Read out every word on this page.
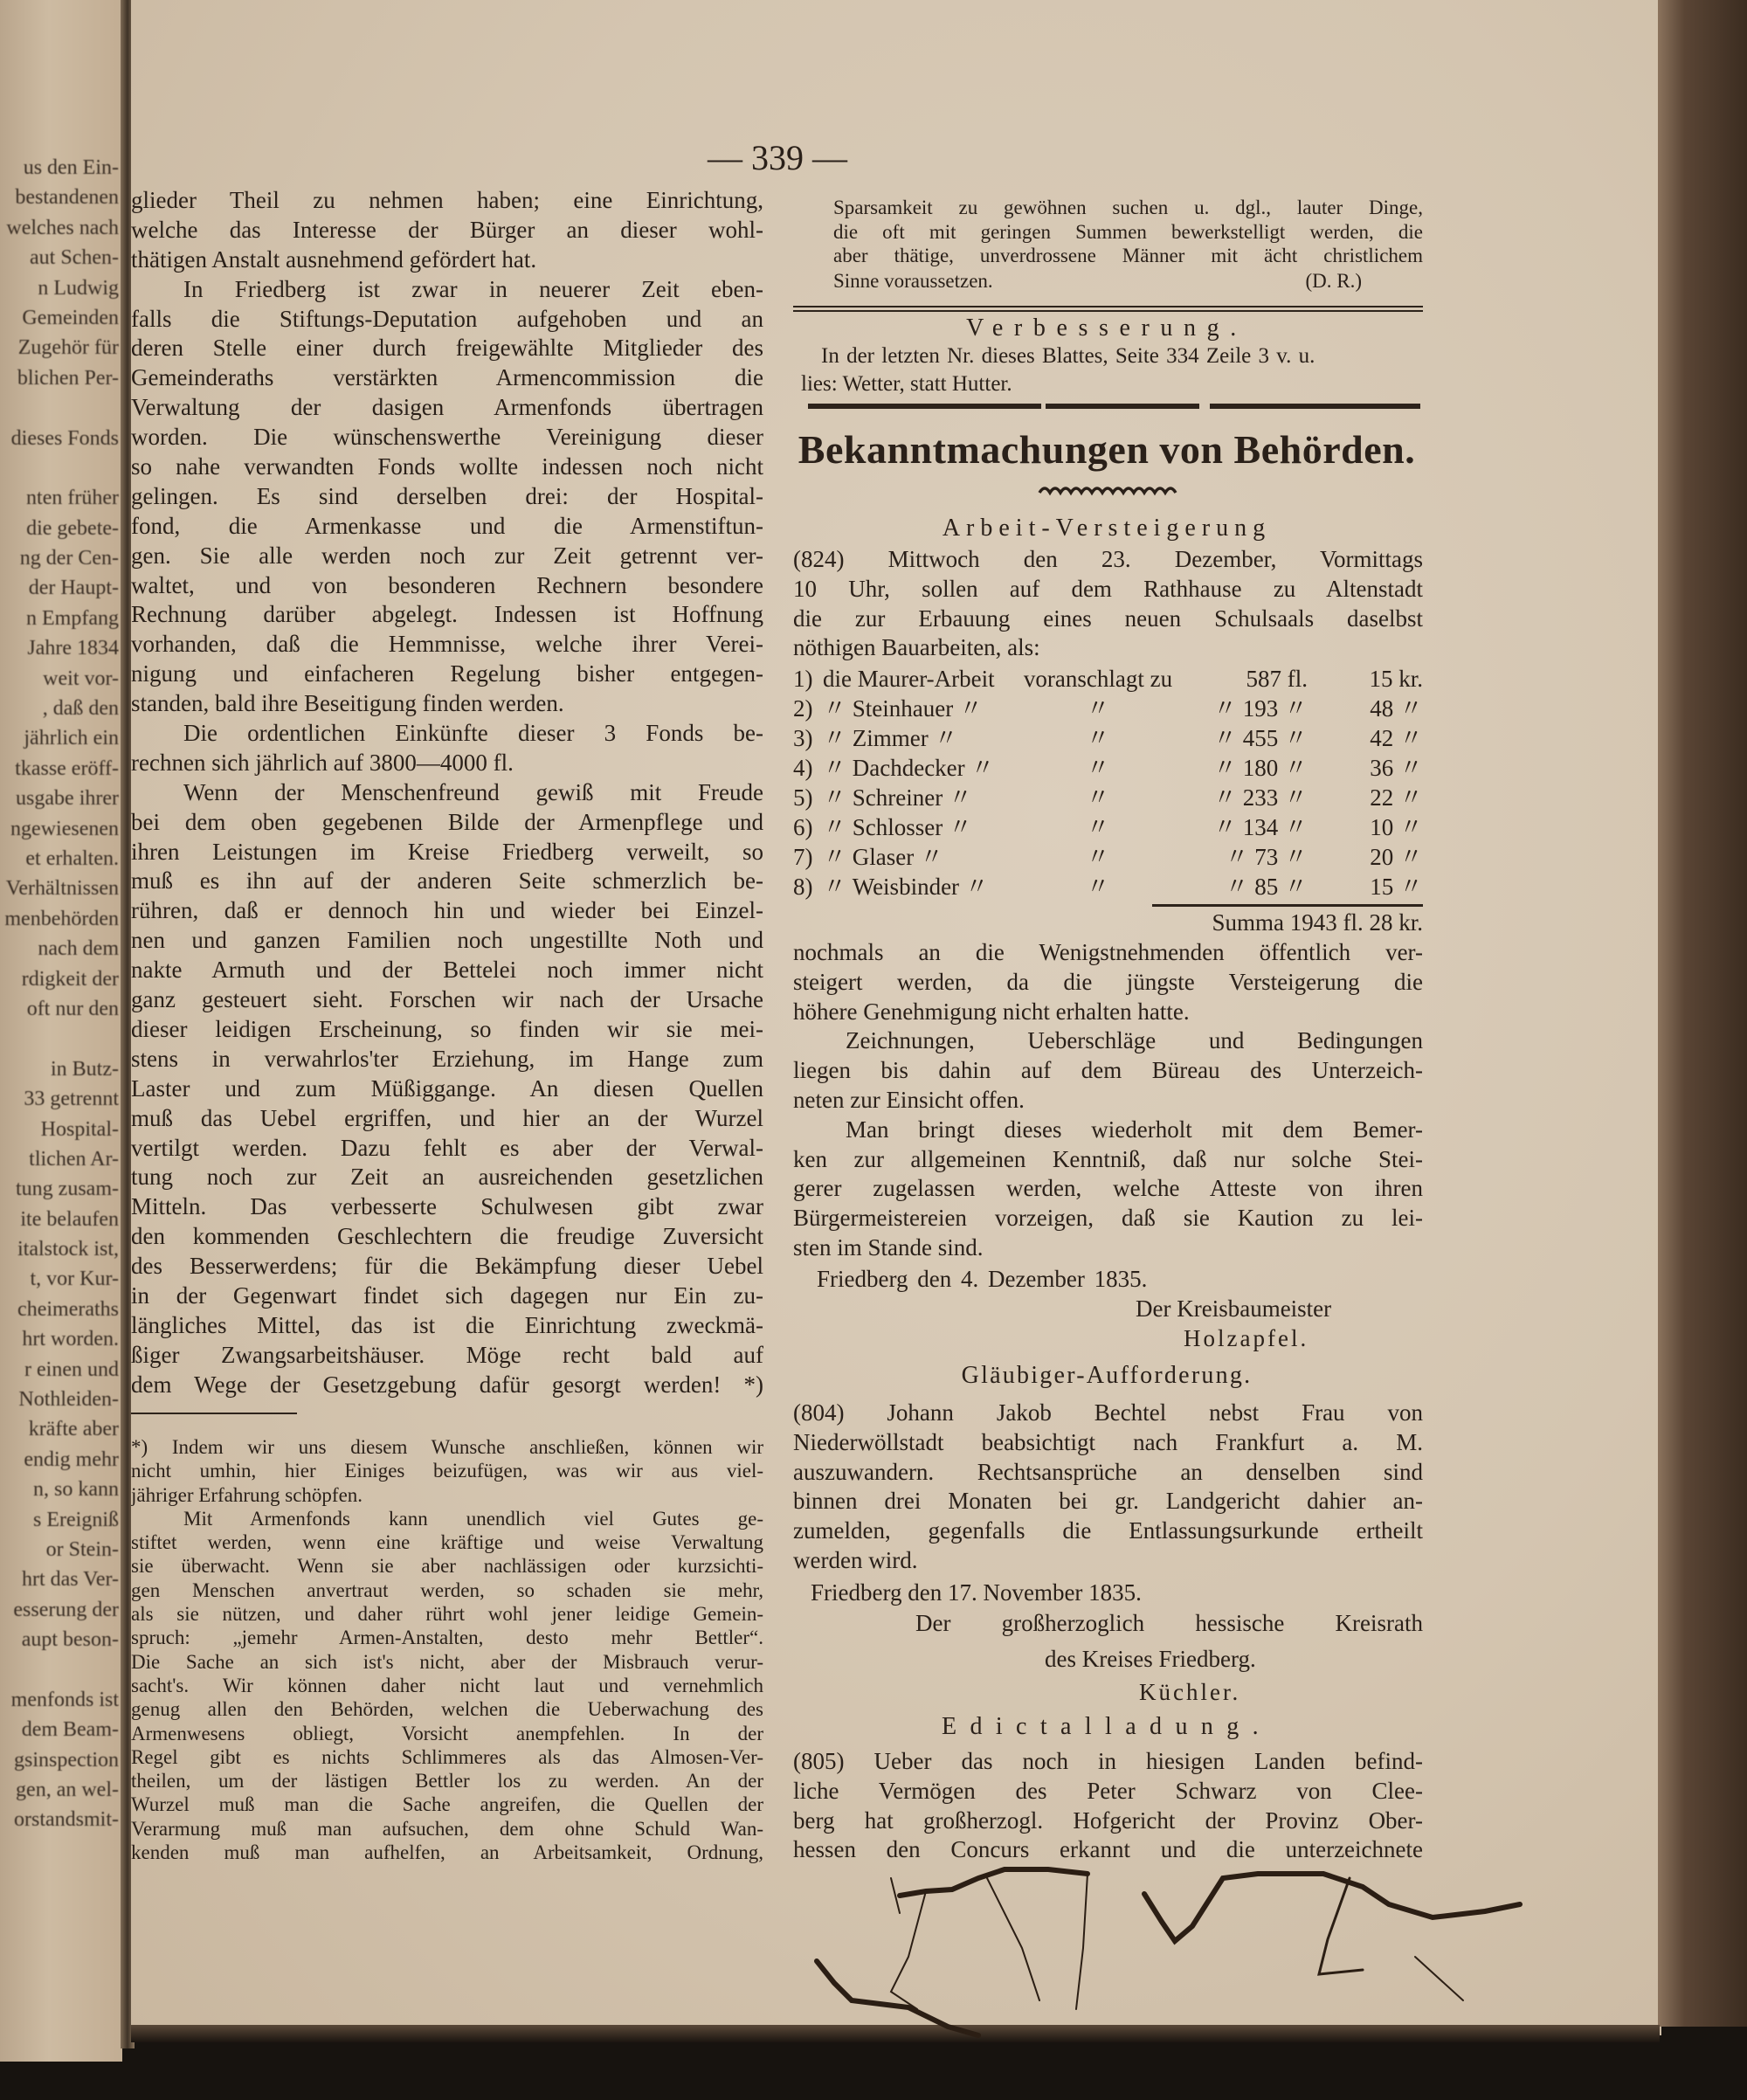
us den Ein-
bestandenen
welches nach
aut Schen-
n Ludwig
Gemeinden
Zugehör für
blichen Per-
dieses Fonds
nten früher
die gebete-
ng der Cen-
der Haupt-
n Empfang
Jahre 1834
weit vor-
, daß den
jährlich ein
tkasse eröff-
usgabe ihrer
ngewiesenen
et erhalten.
Verhältnissen
menbehörden
nach dem
rdigkeit der
oft nur den
in Butz-
33 getrennt
Hospital-
tlichen Ar-
tung zusam-
ite belaufen
italstock ist,
t, vor Kur-
cheimeraths
hrt worden.
r einen und
Nothleiden-
kräfte aber
endig mehr
n, so kann
s Ereigniß
or Stein-
hrt das Ver-
esserung der
aupt beson-
menfonds ist
dem Beam-
gsinspection
gen, an wel-
orstandsmit-
— 339 —
glieder Theil zu nehmen haben; eine Einrichtung,
welche das Interesse der Bürger an dieser wohl-
thätigen Anstalt ausnehmend gefördert hat.
In Friedberg ist zwar in neuerer Zeit eben-
falls die Stiftungs-Deputation aufgehoben und an
deren Stelle einer durch freigewählte Mitglieder des
Gemeinderaths verstärkten Armencommission die
Verwaltung der dasigen Armenfonds übertragen
worden. Die wünschenswerthe Vereinigung dieser
so nahe verwandten Fonds wollte indessen noch nicht
gelingen. Es sind derselben drei: der Hospital-
fond, die Armenkasse und die Armenstiftun-
gen. Sie alle werden noch zur Zeit getrennt ver-
waltet, und von besonderen Rechnern besondere
Rechnung darüber abgelegt. Indessen ist Hoffnung
vorhanden, daß die Hemmnisse, welche ihrer Verei-
nigung und einfacheren Regelung bisher entgegen-
standen, bald ihre Beseitigung finden werden.
Die ordentlichen Einkünfte dieser 3 Fonds be-
rechnen sich jährlich auf 3800—4000 fl.
Wenn der Menschenfreund gewiß mit Freude
bei dem oben gegebenen Bilde der Armenpflege und
ihren Leistungen im Kreise Friedberg verweilt, so
muß es ihn auf der anderen Seite schmerzlich be-
rühren, daß er dennoch hin und wieder bei Einzel-
nen und ganzen Familien noch ungestillte Noth und
nakte Armuth und der Bettelei noch immer nicht
ganz gesteuert sieht. Forschen wir nach der Ursache
dieser leidigen Erscheinung, so finden wir sie mei-
stens in verwahrlos'ter Erziehung, im Hange zum
Laster und zum Müßiggange. An diesen Quellen
muß das Uebel ergriffen, und hier an der Wurzel
vertilgt werden. Dazu fehlt es aber der Verwal-
tung noch zur Zeit an ausreichenden gesetzlichen
Mitteln. Das verbesserte Schulwesen gibt zwar
den kommenden Geschlechtern die freudige Zuversicht
des Besserwerdens; für die Bekämpfung dieser Uebel
in der Gegenwart findet sich dagegen nur Ein zu-
längliches Mittel, das ist die Einrichtung zweckmä-
ßiger Zwangsarbeitshäuser. Möge recht bald auf
dem Wege der Gesetzgebung dafür gesorgt werden! *)
*) Indem wir uns diesem Wunsche anschließen, können wir
nicht umhin, hier Einiges beizufügen, was wir aus viel-
jähriger Erfahrung schöpfen.
Mit Armenfonds kann unendlich viel Gutes ge-
stiftet werden, wenn eine kräftige und weise Verwaltung
sie überwacht. Wenn sie aber nachlässigen oder kurzsichti-
gen Menschen anvertraut werden, so schaden sie mehr,
als sie nützen, und daher rührt wohl jener leidige Gemein-
spruch: „jemehr Armen-Anstalten, desto mehr Bettler“.
Die Sache an sich ist's nicht, aber der Misbrauch verur-
sacht's. Wir können daher nicht laut und vernehmlich
genug allen den Behörden, welchen die Ueberwachung des
Armenwesens obliegt, Vorsicht anempfehlen. In der
Regel gibt es nichts Schlimmeres als das Almosen-Ver-
theilen, um der lästigen Bettler los zu werden. An der
Wurzel muß man die Sache angreifen, die Quellen der
Verarmung muß man aufsuchen, dem ohne Schuld Wan-
kenden muß man aufhelfen, an Arbeitsamkeit, Ordnung,
Sparsamkeit zu gewöhnen suchen u. dgl., lauter Dinge,
die oft mit geringen Summen bewerkstelligt werden, die
aber thätige, unverdrossene Männer mit ächt christlichem
Sinne voraussetzen.	(D. R.)
Verbesserung.
In der letzten Nr. dieses Blattes, Seite 334 Zeile 3 v. u.
lies: Wetter, statt Hutter.
Bekanntmachungen von Behörden.
Arbeit-Versteigerung
(824) Mittwoch den 23. Dezember, Vormittags
10 Uhr, sollen auf dem Rathhause zu Altenstadt
die zur Erbauung eines neuen Schulsaals daselbst
nöthigen Bauarbeiten, als:
1) die Maurer-Arbeit	voranschlagt zu	587 fl.	15 kr.
2) 〃 Steinhauer 〃	〃	〃 193 〃	48 〃
3) 〃 Zimmer 〃	〃	〃 455 〃	42 〃
4) 〃 Dachdecker 〃	〃	〃 180 〃	36 〃
5) 〃 Schreiner 〃	〃	〃 233 〃	22 〃
6) 〃 Schlosser 〃	〃	〃 134 〃	10 〃
7) 〃 Glaser 〃	〃	〃 73 〃	20 〃
8) 〃 Weisbinder 〃	〃	〃 85 〃	15 〃
Summa 1943 fl. 28 kr.
nochmals an die Wenigstnehmenden öffentlich ver-
steigert werden, da die jüngste Versteigerung die
höhere Genehmigung nicht erhalten hatte.
Zeichnungen, Ueberschläge und Bedingungen
liegen bis dahin auf dem Büreau des Unterzeich-
neten zur Einsicht offen.
Man bringt dieses wiederholt mit dem Bemer-
ken zur allgemeinen Kenntniß, daß nur solche Stei-
gerer zugelassen werden, welche Atteste von ihren
Bürgermeistereien vorzeigen, daß sie Kaution zu lei-
sten im Stande sind.
Friedberg den 4. Dezember 1835.
Der Kreisbaumeister
Holzapfel.
Gläubiger-Aufforderung.
(804) Johann Jakob Bechtel nebst Frau von
Niederwöllstadt beabsichtigt nach Frankfurt a. M.
auszuwandern. Rechtsansprüche an denselben sind
binnen drei Monaten bei gr. Landgericht dahier an-
zumelden, gegenfalls die Entlassungsurkunde ertheilt
werden wird.
Friedberg den 17. November 1835.
Der großherzoglich hessische Kreisrath
des Kreises Friedberg.
Küchler.
Edictalladung.
(805) Ueber das noch in hiesigen Landen befind-
liche Vermögen des Peter Schwarz von Clee-
berg hat großherzogl. Hofgericht der Provinz Ober-
hessen den Concurs erkannt und die unterzeichnete
